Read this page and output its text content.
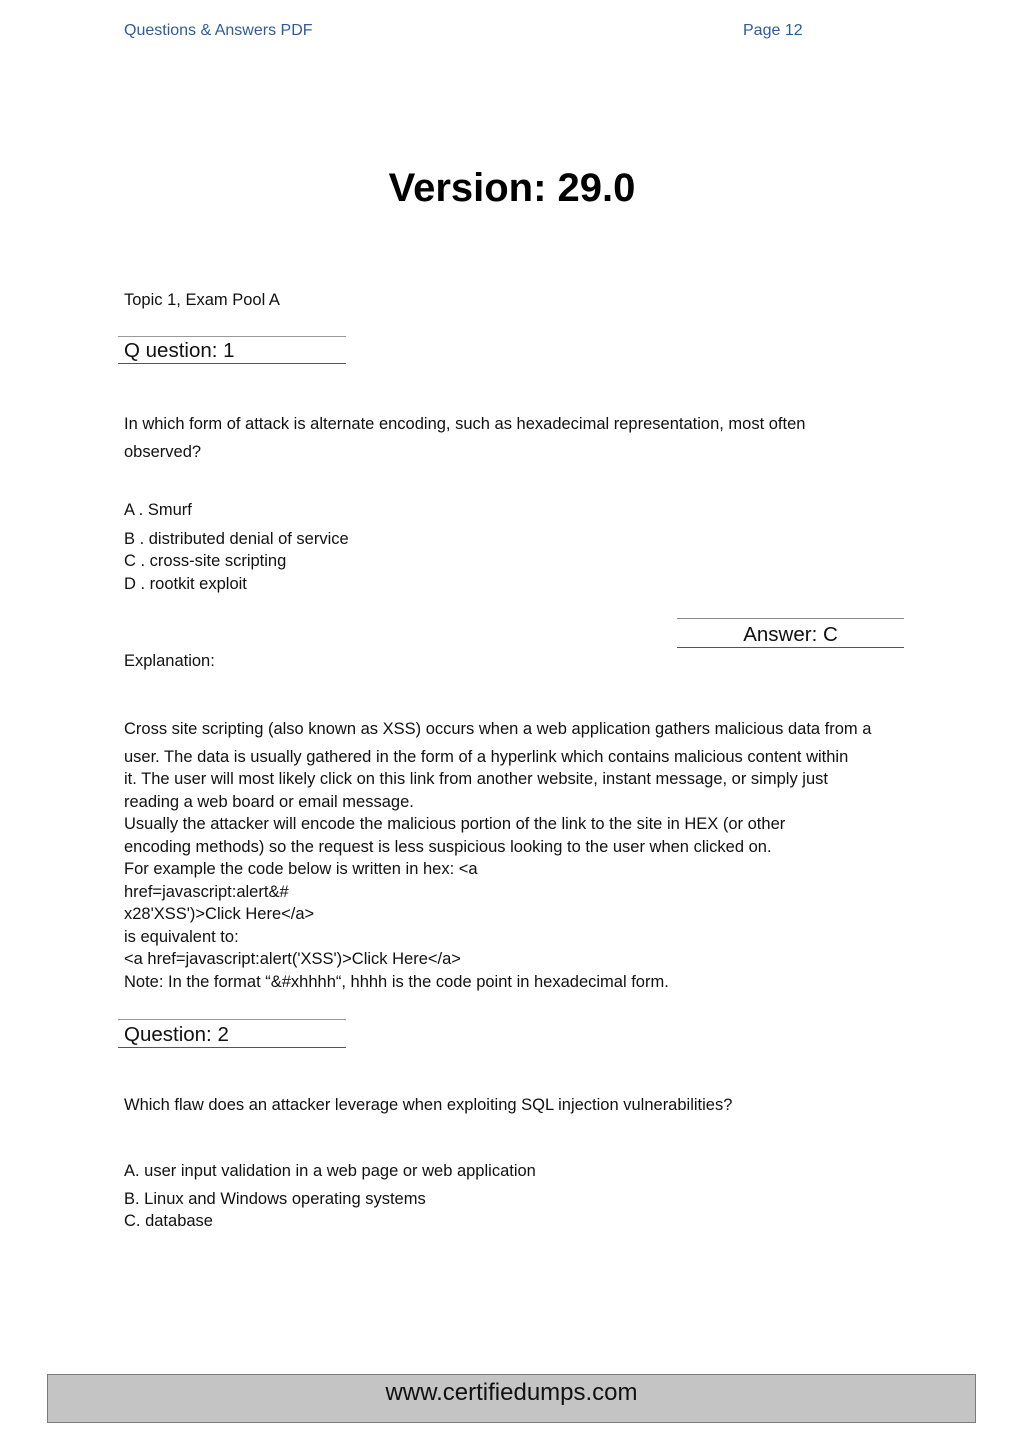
Questions & Answers PDF	Page 12
Version: 29.0
Topic 1, Exam Pool A
Q uestion: 1
In which form of attack is alternate encoding, such as hexadecimal representation, most often
observed?
A . Smurf
B . distributed denial of service
C . cross-site scripting
D . rootkit exploit
Answer: C
Explanation:
Cross site scripting (also known as XSS) occurs when a web application gathers malicious data from a
user. The data is usually gathered in the form of a hyperlink which contains malicious content within
it. The user will most likely click on this link from another website, instant message, or simply just
reading a web board or email message.
Usually the attacker will encode the malicious portion of the link to the site in HEX (or other
encoding methods) so the request is less suspicious looking to the user when clicked on.
For example the code below is written in hex: <a
href=javascript:alert&#
x28'XSS')>Click Here</a>
is equivalent to:
<a href=javascript:alert('XSS')>Click Here</a>
Note: In the format “&#xhhhh“, hhhh is the code point in hexadecimal form.
Question: 2
Which flaw does an attacker leverage when exploiting SQL injection vulnerabilities?
A. user input validation in a web page or web application
B. Linux and Windows operating systems
C. database
www.certifiedumps.com
